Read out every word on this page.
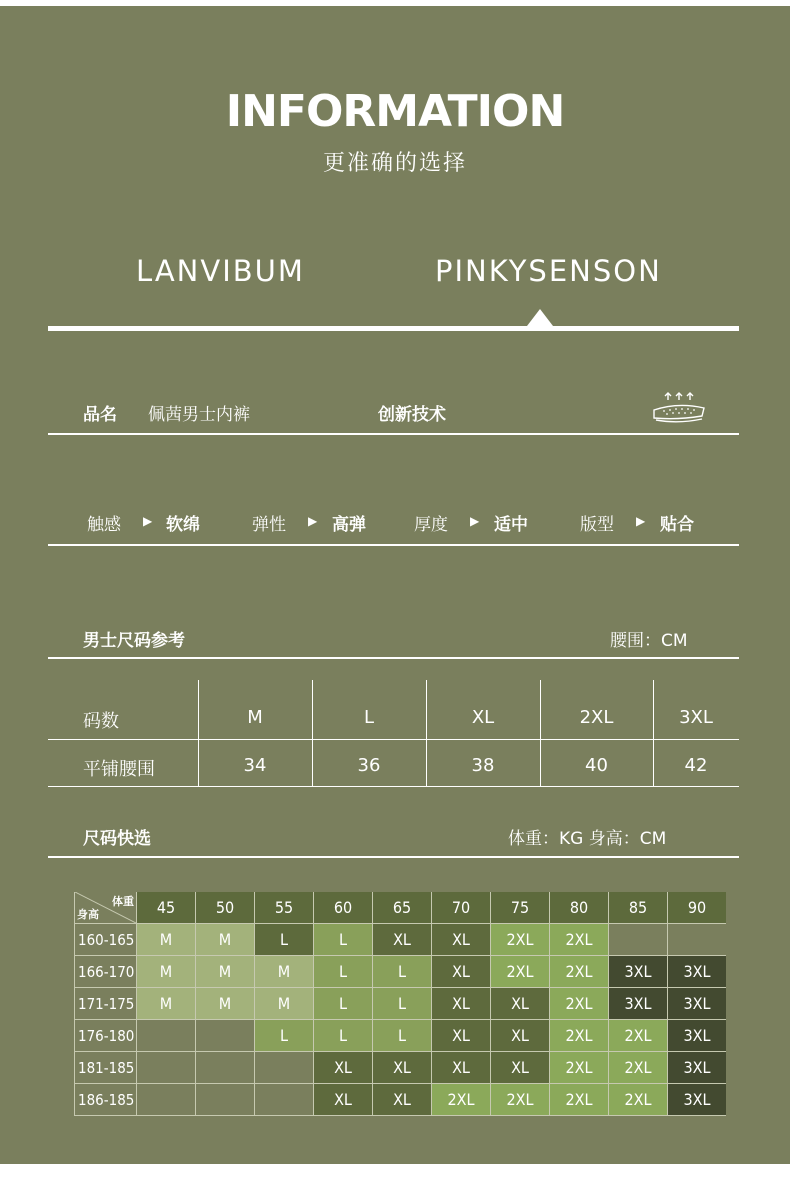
INFORMATION
更准确的选择
LANVIBUM	PINKYSENSON
品名 佩茜男士内裤	创新技术
触感 ▶ 软绵	弹性 ▶ 高弹	厚度 ▶ 适中	版型 ▶ 贴合
男士尺码参考	腰围：CM
码数	M	L	XL	2XL	3XL
平铺腰围	34	36	38	40	42
尺码快选	体重：KG 身高：CM
体重
身高	45	50	55	60	65	70	75	80	85	90
160-165	M	M	L	L	XL	XL	2XL	2XL		
166-170	M	M	M	L	L	XL	2XL	2XL	3XL	3XL
171-175	M	M	M	L	L	XL	XL	2XL	3XL	3XL
176-180			L	L	L	XL	XL	2XL	2XL	3XL
181-185				XL	XL	XL	XL	2XL	2XL	3XL
186-185				XL	XL	2XL	2XL	2XL	2XL	3XL
